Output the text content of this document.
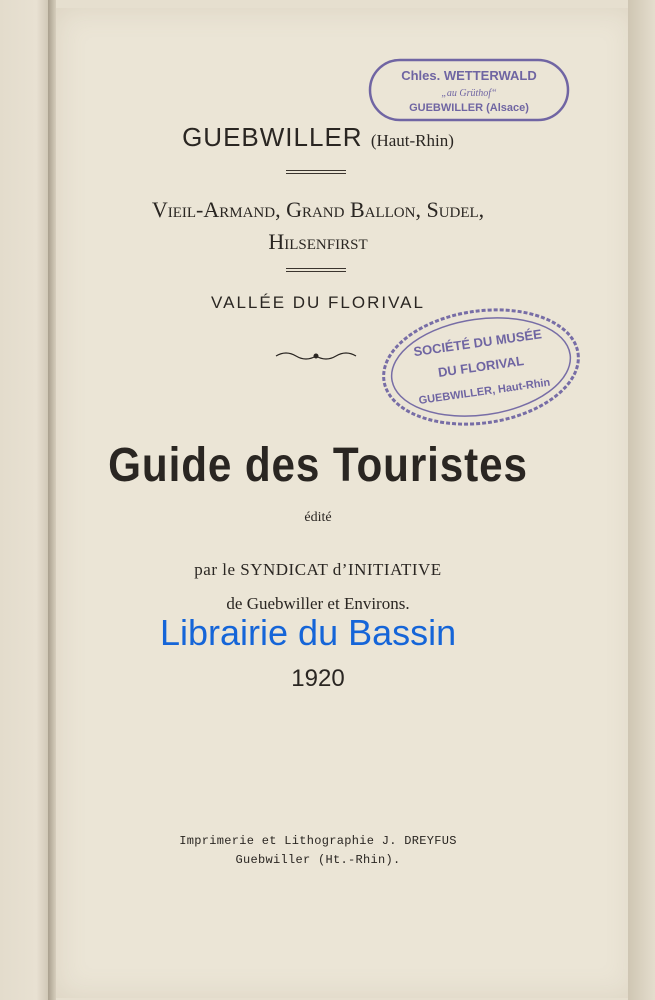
GUEBWILLER (Haut-Rhin)
Vieil-Armand, Grand Ballon, Sudel,
Hilsenfirst
VALLÉE DU FLORIVAL
Guide des Touristes
édité
par le SYNDICAT d’INITIATIVE
de Guebwiller et Environs.
Librairie du Bassin
1920
Imprimerie et Lithographie J. DREYFUS
Guebwiller (Ht.-Rhin).
Chles. WETTERWALD
„au Grüthof“
GUEBWILLER (Alsace)
SOCIÉTÉ DU MUSÉE
DU FLORIVAL
GUEBWILLER, Haut-Rhin
